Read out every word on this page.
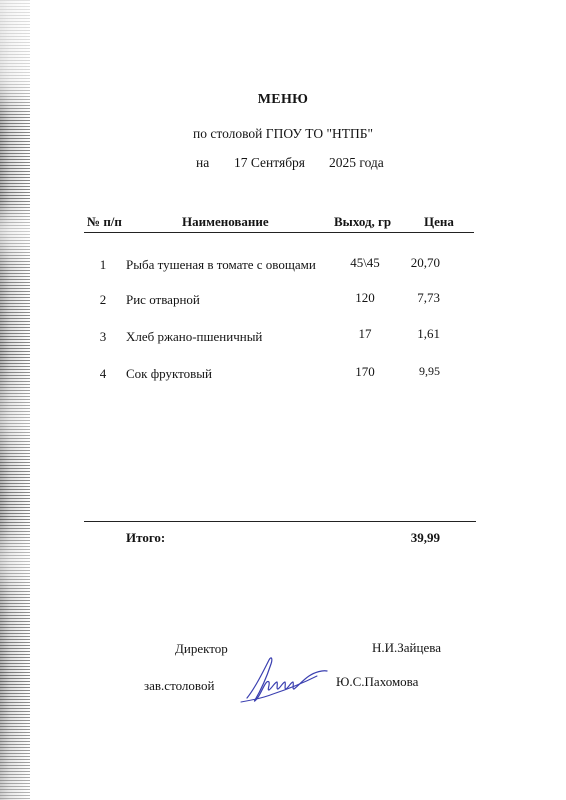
МЕНЮ
по столовой ГПОУ ТО "НТПБ"
на 17 Сентября 2025 года
№ п/п	Наименование	Выход, гр	Цена
1	Рыба тушеная в томате с овощами	45\45	20,70
2	Рис отварной	120	7,73
3	Хлеб ржано-пшеничный	17	1,61
4	Сок фруктовый	170	9,95
Итого:	39,99
Директор	Н.И.Зайцева
зав.столовой	Ю.С.Пахомова
